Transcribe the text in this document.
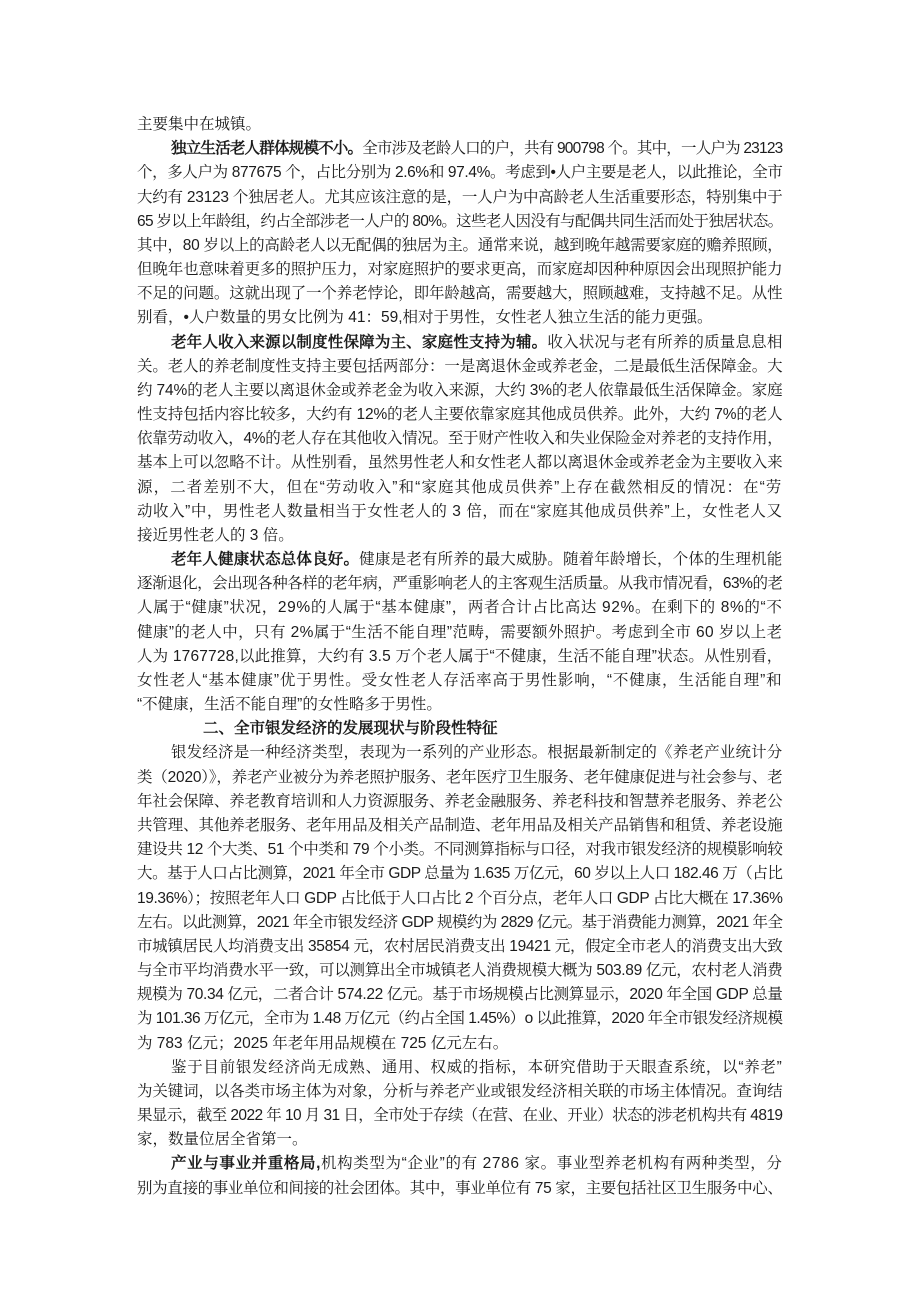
主要集中在城镇。
独立生活老人群体规模不小。全市涉及老龄人口的户，共有 900798 个。其中，一人户为 23123
个，多人户为 877675 个，占比分别为 2.6%和 97.4%。考虑到•人户主要是老人，以此推论，全市
大约有 23123 个独居老人。尤其应该注意的是，一人户为中高龄老人生活重要形态，特别集中于
65 岁以上年龄组，约占全部涉老一人户的 80%。这些老人因没有与配偶共同生活而处于独居状态。
其中，80 岁以上的高龄老人以无配偶的独居为主。通常来说，越到晚年越需要家庭的赡养照顾，
但晚年也意味着更多的照护压力，对家庭照护的要求更高，而家庭却因种种原因会出现照护能力
不足的问题。这就出现了一个养老悖论，即年龄越高，需要越大，照顾越难，支持越不足。从性
别看，•人户数量的男女比例为 41：59,相对于男性，女性老人独立生活的能力更强。
老年人收入来源以制度性保障为主、家庭性支持为辅。收入状况与老有所养的质量息息相
关。老人的养老制度性支持主要包括两部分：一是离退休金或养老金，二是最低生活保障金。大
约 74%的老人主要以离退休金或养老金为收入来源，大约 3%的老人依靠最低生活保障金。家庭
性支持包括内容比较多，大约有 12%的老人主要依靠家庭其他成员供养。此外，大约 7%的老人
依靠劳动收入，4%的老人存在其他收入情况。至于财产性收入和失业保险金对养老的支持作用，
基本上可以忽略不计。从性别看，虽然男性老人和女性老人都以离退休金或养老金为主要收入来
源，二者差别不大，但在“劳动收入”和“家庭其他成员供养”上存在截然相反的情况：在“劳
动收入”中，男性老人数量相当于女性老人的 3 倍，而在“家庭其他成员供养”上，女性老人又
接近男性老人的 3 倍。
老年人健康状态总体良好。健康是老有所养的最大威胁。随着年龄增长，个体的生理机能
逐渐退化，会出现各种各样的老年病，严重影响老人的主客观生活质量。从我市情况看，63%的老
人属于“健康”状况，29%的人属于“基本健康”，两者合计占比高达 92%。在剩下的 8%的“不
健康”的老人中，只有 2%属于“生活不能自理”范畴，需要额外照护。考虑到全市 60 岁以上老
人为 1767728,以此推算，大约有 3.5 万个老人属于“不健康，生活不能自理”状态。从性别看，
女性老人“基本健康”优于男性。受女性老人存活率高于男性影响，“不健康，生活能自理”和
“不健康，生活不能自理”的女性略多于男性。
二、全市银发经济的发展现状与阶段性特征
银发经济是一种经济类型，表现为一系列的产业形态。根据最新制定的《养老产业统计分
类（2020）》，养老产业被分为养老照护服务、老年医疗卫生服务、老年健康促进与社会参与、老
年社会保障、养老教育培训和人力资源服务、养老金融服务、养老科技和智慧养老服务、养老公
共管理、其他养老服务、老年用品及相关产品制造、老年用品及相关产品销售和租赁、养老设施
建设共 12 个大类、51 个中类和 79 个小类。不同测算指标与口径，对我市银发经济的规模影响较
大。基于人口占比测算，2021 年全市 GDP 总量为 1.635 万亿元，60 岁以上人口 182.46 万（占比
19.36%）；按照老年人口 GDP 占比低于人口占比 2 个百分点，老年人口 GDP 占比大概在 17.36%
左右。以此测算，2021 年全市银发经济 GDP 规模约为 2829 亿元。基于消费能力测算，2021 年全
市城镇居民人均消费支出 35854 元，农村居民消费支出 19421 元，假定全市老人的消费支出大致
与全市平均消费水平一致，可以测算出全市城镇老人消费规模大概为 503.89 亿元，农村老人消费
规模为 70.34 亿元，二者合计 574.22 亿元。基于市场规模占比测算显示，2020 年全国 GDP 总量
为 101.36 万亿元，全市为 1.48 万亿元（约占全国 1.45%）o 以此推算，2020 年全市银发经济规模
为 783 亿元；2025 年老年用品规模在 725 亿元左右。
鉴于目前银发经济尚无成熟、通用、权威的指标，本研究借助于天眼查系统，以“养老”
为关键词，以各类市场主体为对象，分析与养老产业或银发经济相关联的市场主体情况。查询结
果显示，截至 2022 年 10 月 31 日，全市处于存续（在营、在业、开业）状态的涉老机构共有 4819
家，数量位居全省第一。
产业与事业并重格局,机构类型为“企业”的有 2786 家。事业型养老机构有两种类型，分
别为直接的事业单位和间接的社会团体。其中，事业单位有 75 家，主要包括社区卫生服务中心、
